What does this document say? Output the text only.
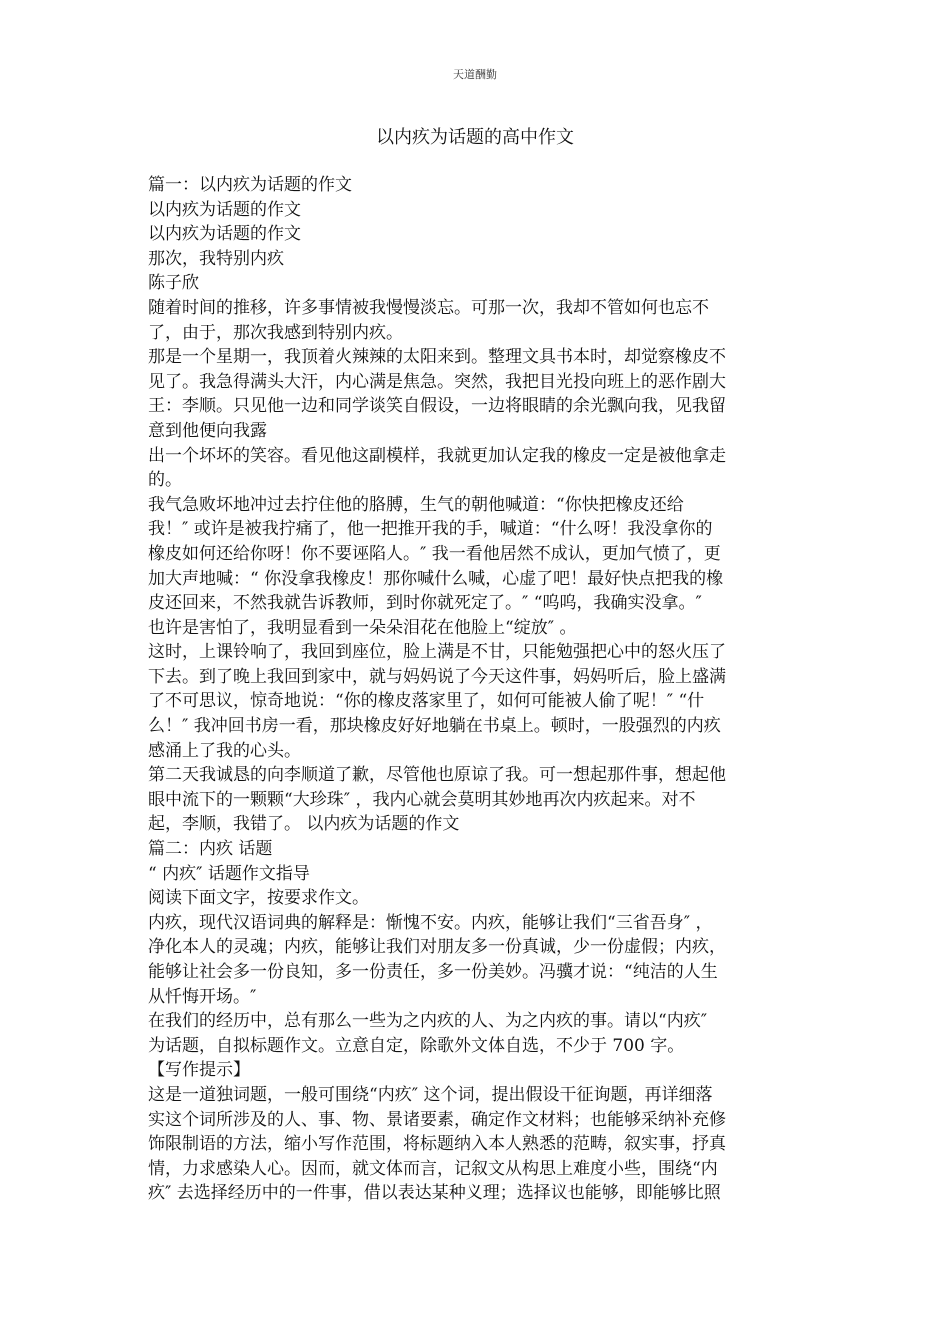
天道酬勤
以内疚为话题的高中作文
篇一：以内疚为话题的作文
以内疚为话题的作文
以内疚为话题的作文
那次，我特别内疚
陈子欣
随着时间的推移，许多事情被我慢慢淡忘。可那一次，我却不管如何也忘不
了，由于，那次我感到特别内疚。
那是一个星期一，我顶着火辣辣的太阳来到。整理文具书本时，却觉察橡皮不
见了。我急得满头大汗，内心满是焦急。突然，我把目光投向班上的恶作剧大
王：李顺。只见他一边和同学谈笑自假设，一边将眼睛的余光飘向我，见我留
意到他便向我露
出一个坏坏的笑容。看见他这副模样，我就更加认定我的橡皮一定是被他拿走
的。
我气急败坏地冲过去拧住他的胳膊，生气的朝他喊道：“你快把橡皮还给
我！″ 或许是被我拧痛了，他一把推开我的手，喊道：“什么呀！我没拿你的
橡皮如何还给你呀！你不要诬陷人。″ 我一看他居然不成认，更加气愤了，更
加大声地喊：“ 你没拿我橡皮！那你喊什么喊，心虚了吧！最好快点把我的橡
皮还回来，不然我就告诉教师，到时你就死定了。″ “呜呜，我确实没拿。″
也许是害怕了，我明显看到一朵朵泪花在他脸上“绽放″ 。
这时，上课铃响了，我回到座位，脸上满是不甘，只能勉强把心中的怒火压了
下去。到了晚上我回到家中，就与妈妈说了今天这件事，妈妈听后，脸上盛满
了不可思议，惊奇地说：“你的橡皮落家里了，如何可能被人偷了呢！″ “什
么！″ 我冲回书房一看，那块橡皮好好地躺在书桌上。顿时，一股强烈的内疚
感涌上了我的心头。
第二天我诚恳的向李顺道了歉，尽管他也原谅了我。可一想起那件事，想起他
眼中流下的一颗颗“大珍珠″ ，我内心就会莫明其妙地再次内疚起来。对不
起，李顺，我错了。 以内疚为话题的作文
篇二：内疚 话题
“ 内疚″ 话题作文指导
阅读下面文字，按要求作文。
内疚，现代汉语词典的解释是：惭愧不安。内疚，能够让我们“三省吾身″ ，
净化本人的灵魂；内疚，能够让我们对朋友多一份真诚，少一份虚假；内疚，
能够让社会多一份良知，多一份责任，多一份美妙。冯骥才说：“纯洁的人生
从忏悔开场。″
在我们的经历中，总有那么一些为之内疚的人、为之内疚的事。请以“内疚″
为话题，自拟标题作文。立意自定，除歌外文体自选，不少于 700 字。
【写作提示】
这是一道独词题，一般可围绕“内疚″ 这个词，提出假设干征询题，再详细落
实这个词所涉及的人、事、物、景诸要素，确定作文材料；也能够采纳补充修
饰限制语的方法，缩小写作范围，将标题纳入本人熟悉的范畴，叙实事，抒真
情，力求感染人心。因而，就文体而言，记叙文从构思上难度小些，围绕“内
疚″ 去选择经历中的一件事，借以表达某种义理；选择议也能够，即能够比照
